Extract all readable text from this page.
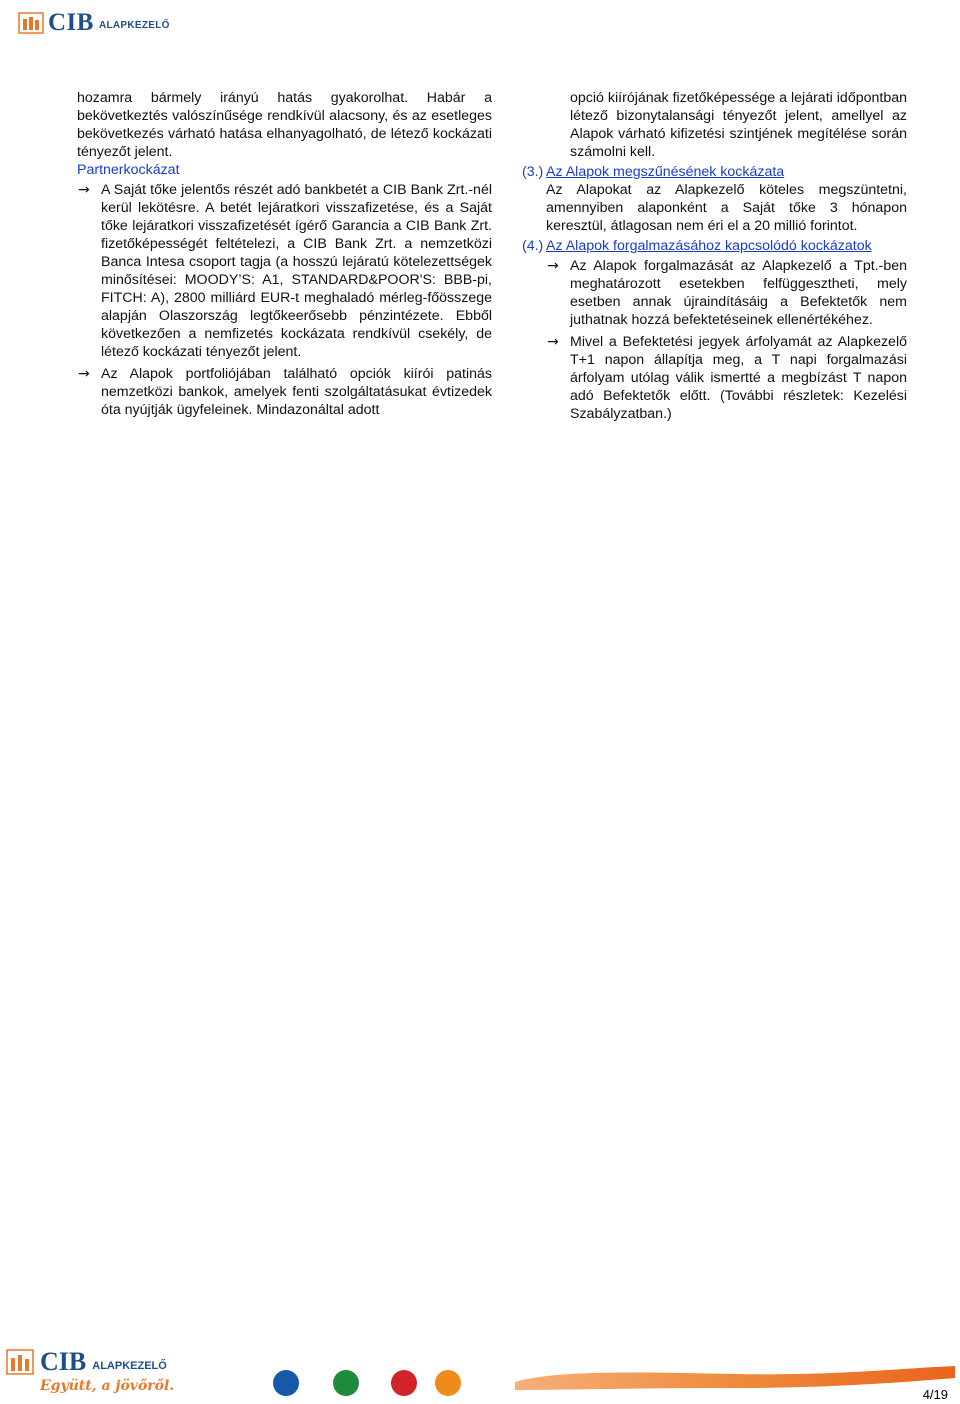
CIB ALAPKEZELŐ

hozamra bármely irányú hatás gyakorolhat. Habár a bekövetkeztés valószínűsége rendkívül alacsony, és az esetleges bekövetkezés várható hatása elhanyagolható, de létező kockázati tényezőt jelent.

Partnerkockázat
→ A Saját tőke jelentős részét adó bankbetét a CIB Bank Zrt.-nél kerül lekötésre. A betét lejáratkori visszafizetése, és a Saját tőke lejáratkori visszafizetését ígérő Garancia a CIB Bank Zrt. fizetőképességét feltételezi, a CIB Bank Zrt. a nemzetközi Banca Intesa csoport tagja (a hosszú lejáratú kötelezettségek minősítései: MOODY’S: A1, STANDARD&POOR'S: BBB-pi, FITCH: A), 2800 milliárd EUR-t meghaladó mérleg-főösszege alapján Olaszország legtőkeerősebb pénzintézete. Ebből következően a nemfizetés kockázata rendkívül csekély, de létező kockázati tényezőt jelent.
→ Az Alapok portfoliójában található opciók kiírói patinás nemzetközi bankok, amelyek fenti szolgáltatásukat évtizedek óta nyújtják ügyfeleinek. Mindazonáltal adott

opció kiírójának fizetőképessége a lejárati időpontban létező bizonytalansági tényezőt jelent, amellyel az Alapok várható kifizetési szintjének megítélése során számolni kell.

(3.) Az Alapok megszűnésének kockázata

Az Alapokat az Alapkezelő köteles megszüntetni, amennyiben alaponként a Saját tőke 3 hónapon keresztül, átlagosan nem éri el a 20 millió forintot.

(4.) Az Alapok forgalmazásához kapcsolódó kockázatok
→ Az Alapok forgalmazását az Alapkezelő a Tpt.-ben meghatározott esetekben felfüggesztheti, mely esetben annak újraindításáig a Befektetők nem juthatnak hozzá befektetéseinek ellenértékéhez.
→ Mivel a Befektetési jegyek árfolyamát az Alapkezelő T+1 napon állapítja meg, a T napi forgalmazási árfolyam utólag válik ismertté a megbízást T napon adó Befektetők előtt. (További részletek: Kezelési Szabályzatban.)
CIB ALAPKEZELŐ
Együtt, a jövőről.
4/19
